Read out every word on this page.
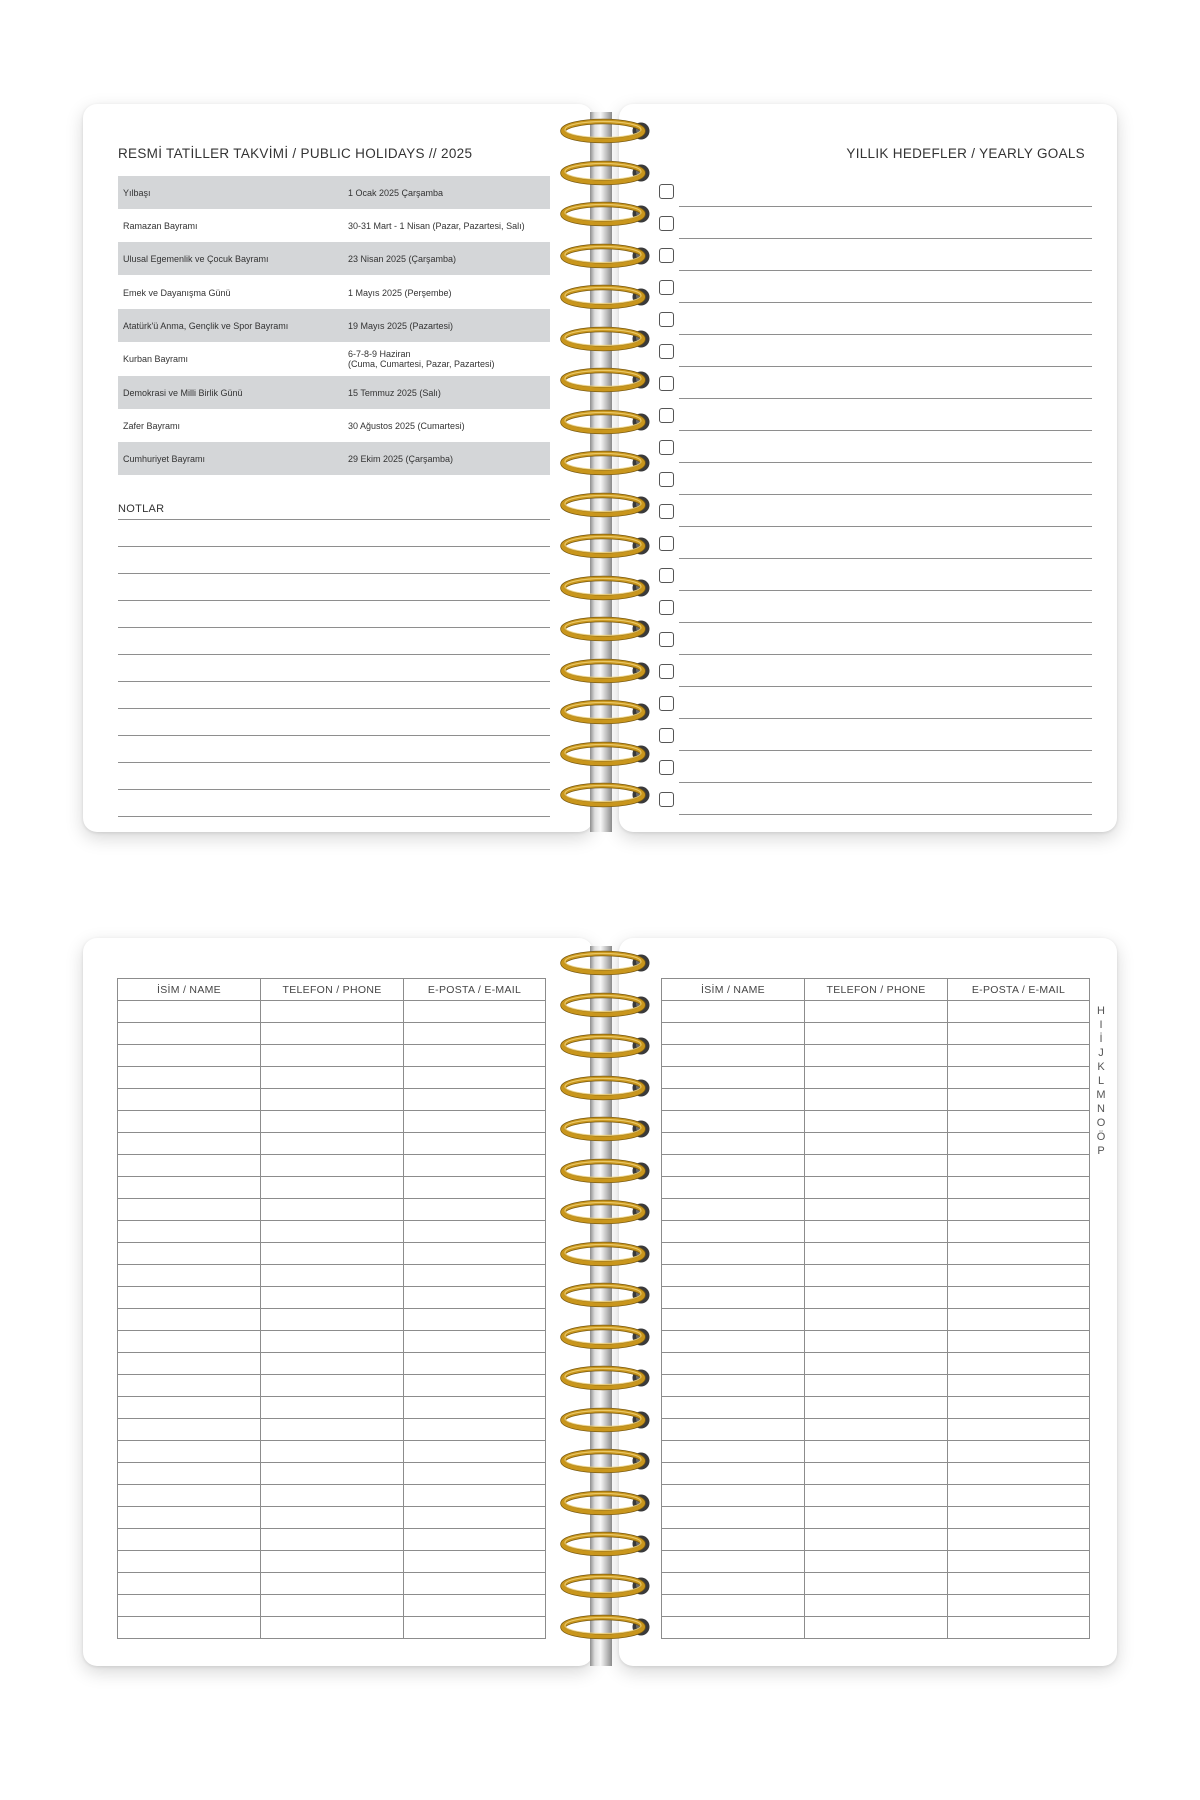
RESMİ TATİLLER TAKVİMİ / PUBLIC HOLIDAYS // 2025
Yılbaşı	1 Ocak 2025 Çarşamba
Ramazan Bayramı	30-31 Mart - 1 Nisan (Pazar, Pazartesi, Salı)
Ulusal Egemenlik ve Çocuk Bayramı	23 Nisan 2025 (Çarşamba)
Emek ve Dayanışma Günü	1 Mayıs 2025 (Perşembe)
Atatürk'ü Anma, Gençlik ve Spor Bayramı	19 Mayıs 2025 (Pazartesi)
Kurban Bayramı	6-7-8-9 Haziran
(Cuma, Cumartesi, Pazar, Pazartesi)
Demokrasi ve Milli Birlik Günü	15 Temmuz 2025 (Salı)
Zafer Bayramı	30 Ağustos 2025 (Cumartesi)
Cumhuriyet Bayramı	29 Ekim 2025 (Çarşamba)
NOTLAR
YILLIK HEDEFLER / YEARLY GOALS
İSİM / NAME	TELEFON / PHONE	E-POSTA / E-MAIL

			İSİM / NAME	TELEFON / PHONE	E-POSTA / E-MAIL

H
I
İ
J
K
L
M
N
O
Ö
P
